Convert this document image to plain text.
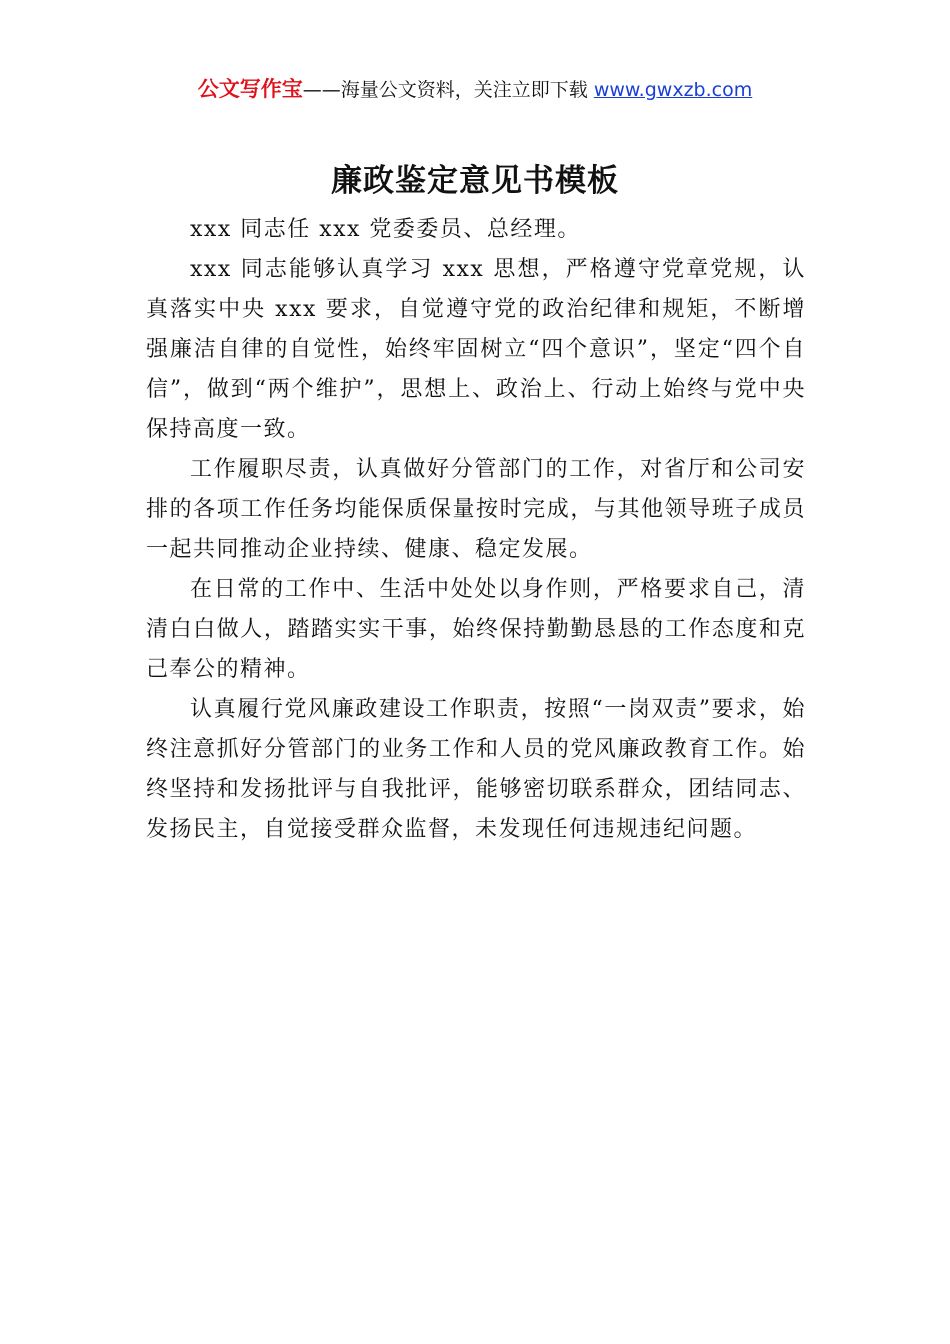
公文写作宝——海量公文资料，关注立即下载 www.gwxzb.com
廉政鉴定意见书模板

xxx 同志任 xxx 党委委员、总经理。

xxx 同志能够认真学习 xxx 思想，严格遵守党章党规，认真落实中央 xxx 要求，自觉遵守党的政治纪律和规矩，不断增强廉洁自律的自觉性，始终牢固树立“四个意识”，坚定“四个自信”，做到“两个维护”，思想上、政治上、行动上始终与党中央保持高度一致。

工作履职尽责，认真做好分管部门的工作，对省厅和公司安排的各项工作任务均能保质保量按时完成，与其他领导班子成员一起共同推动企业持续、健康、稳定发展。

在日常的工作中、生活中处处以身作则，严格要求自己，清清白白做人，踏踏实实干事，始终保持勤勤恳恳的工作态度和克己奉公的精神。

认真履行党风廉政建设工作职责，按照“一岗双责”要求，始终注意抓好分管部门的业务工作和人员的党风廉政教育工作。始终坚持和发扬批评与自我批评，能够密切联系群众，团结同志、发扬民主，自觉接受群众监督，未发现任何违规违纪问题。
